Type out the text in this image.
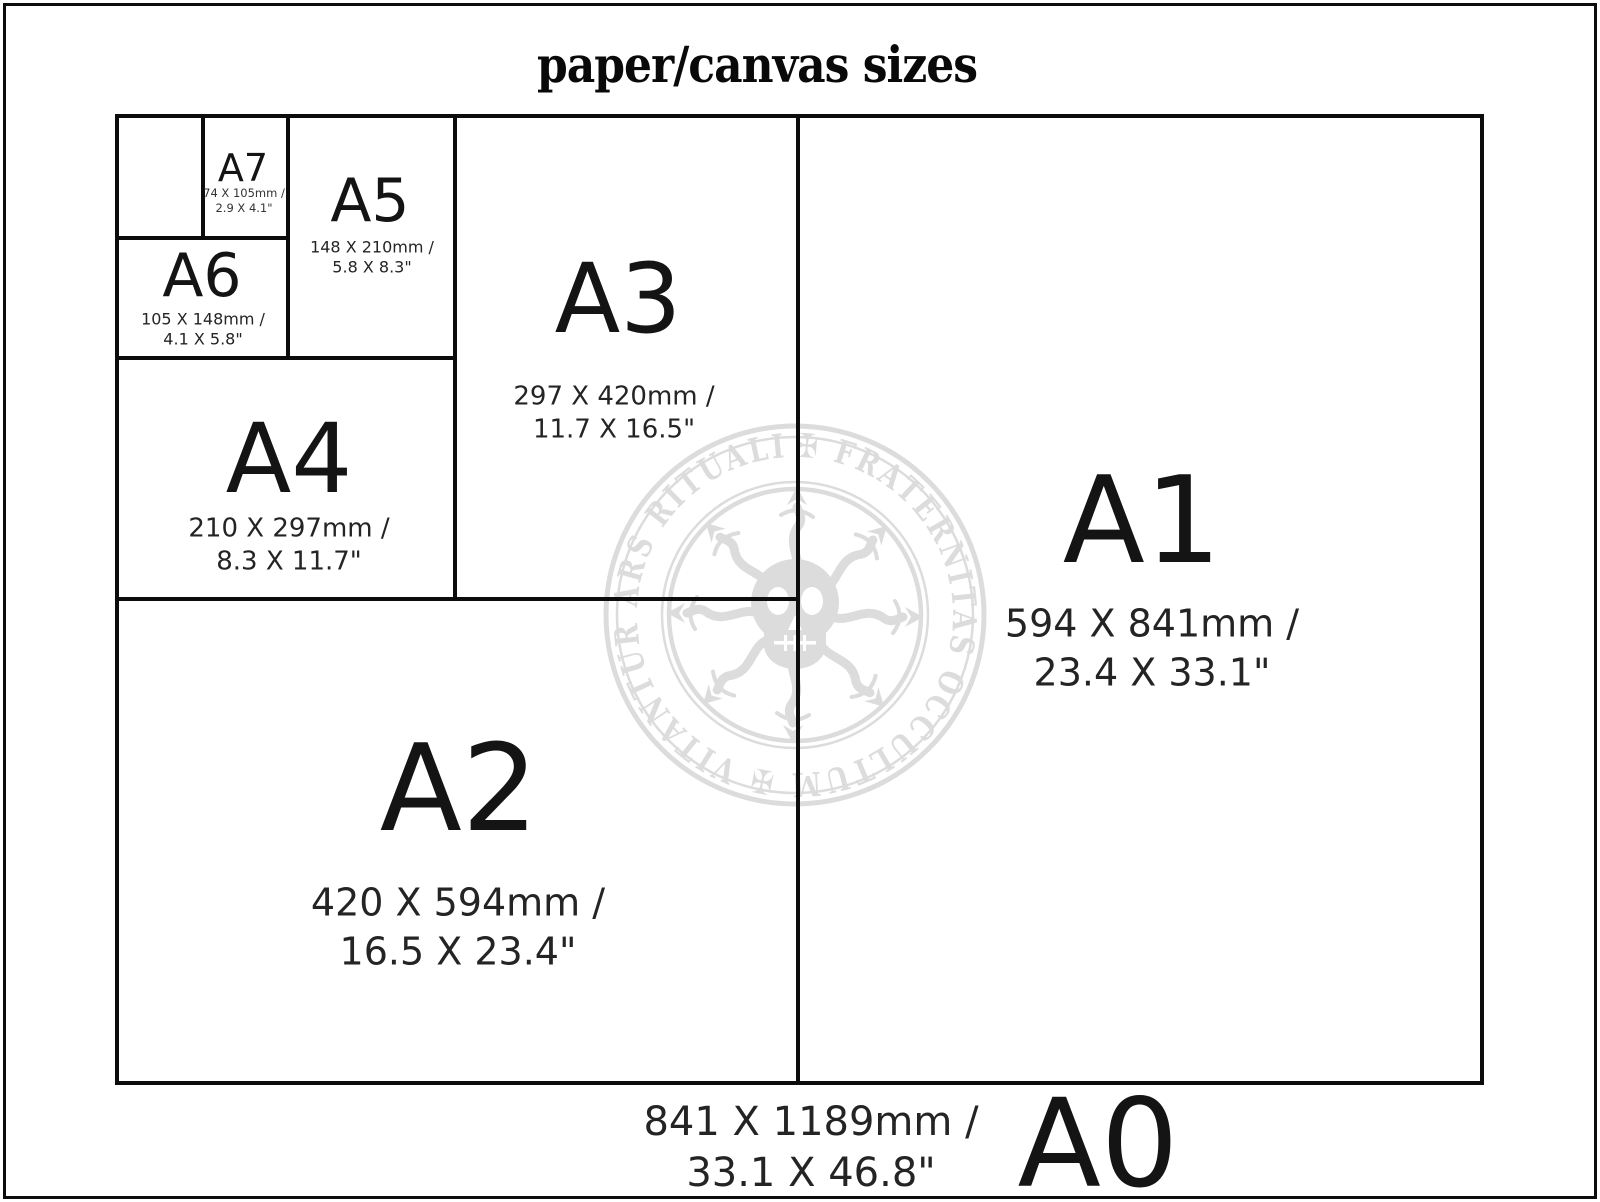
✠ FRATERNITAS OCCULTUM ✠ VITANTUR ARS RITUALI
A7
74 X 105mm /
2.9 X 4.1"
A6
105 X 148mm /
4.1 X 5.8"
A5
148 X 210mm /
5.8 X 8.3"
A4
210 X 297mm /
8.3 X 11.7"
A3
297 X 420mm /
11.7 X 16.5"
A2
420 X 594mm /
16.5 X 23.4"
A1
594 X 841mm /
23.4 X 33.1"
A0
841 X 1189mm /
33.1 X 46.8"
paper/canvas sizes
